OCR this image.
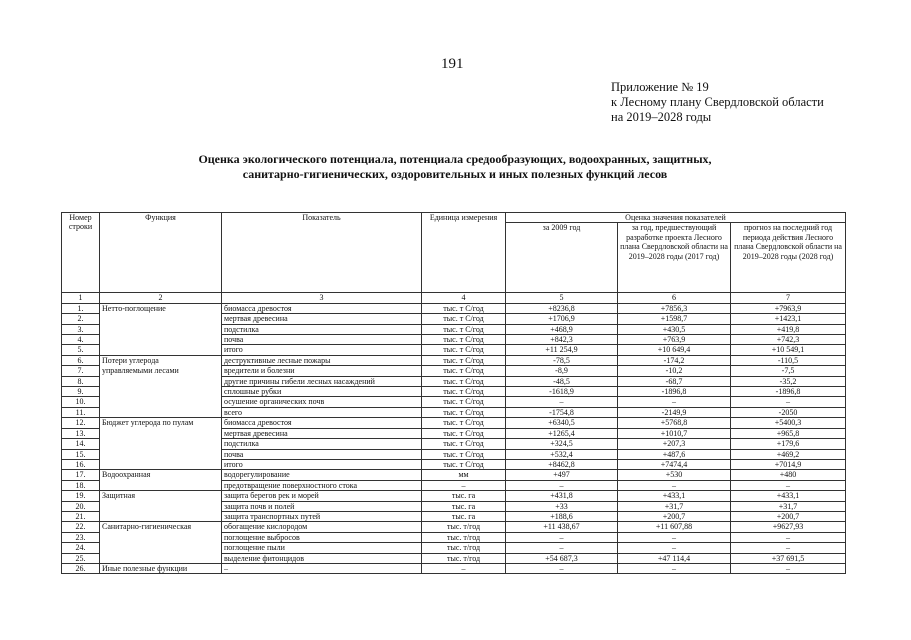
191
Приложение № 19
к Лесному плану Свердловской области
на 2019–2028 годы
Оценка экологического потенциала, потенциала средообразующих, водоохранных, защитных,
санитарно-гигиенических, оздоровительных и иных полезных функций лесов
Номер строки	Функция	Показатель	Единица измерения	Оценка значения показателей		
				за 2009 год	за год, предшествующий разработке проекта Лесного плана Свердловской области на 2019–2028 годы (2017 год)	прогноз на последний год периода действия Лесного плана Свердловской области на 2019–2028 годы (2028 год)
1	2	3	4	5	6	7
1.	Нетто-поглощение	биомасса древостоя	тыс. т С/год	+8236,8	+7856,3	+7963,9
2.		мертвая древесина	тыс. т С/год	+1706,9	+1598,7	+1423,1
3.		подстилка	тыс. т С/год	+468,9	+430,5	+419,8
4.		почва	тыс. т С/год	+842,3	+763,9	+742,3
5.		итого	тыс. т С/год	+11 254,9	+10 649,4	+10 549,1
6.	Потери углерода	деструктивные лесные пожары	тыс. т С/год	-78,5	-174,2	-110,5
7.	управляемыми лесами	вредители и болезни	тыс. т С/год	-8,9	-10,2	-7,5
8.		другие причины гибели лесных насаждений	тыс. т С/год	-48,5	-68,7	-35,2
9.		сплошные рубки	тыс. т С/год	-1618,9	-1896,8	-1896,8
10.		осушение органических почв	тыс. т С/год	–	–	–
11.		всего	тыс. т С/год	-1754,8	-2149,9	-2050
12.	Бюджет углерода по пулам	биомасса древостоя	тыс. т С/год	+6340,5	+5768,8	+5400,3
13.		мертвая древесина	тыс. т С/год	+1265,4	+1010,7	+965,8
14.		подстилка	тыс. т С/год	+324,5	+207,3	+179,6
15.		почва	тыс. т С/год	+532,4	+487,6	+469,2
16.		итого	тыс. т С/год	+8462,8	+7474,4	+7014,9
17.	Водоохранная	водорегулирование	мм	+497	+530	+480
18.		предотвращение поверхностного стока	–	–	–	–
19.	Защитная	защита берегов рек и морей	тыс. га	+431,8	+433,1	+433,1
20.		защита почв и полей	тыс. га	+33	+31,7	+31,7
21.		защита транспортных путей	тыс. га	+188,6	+200,7	+200,7
22.	Санитарно-гигиеническая	обогащение кислородом	тыс. т/год	+11 438,67	+11 607,88	+9627,93
23.		поглощение выбросов	тыс. т/год	–	–	–
24.		поглощение пыли	тыс. т/год	–	–	–
25.		выделение фитонцидов	тыс. т/год	+54 687,3	+47 114,4	+37 691,5
26.	Иные полезные функции	–	–	–	–	–
